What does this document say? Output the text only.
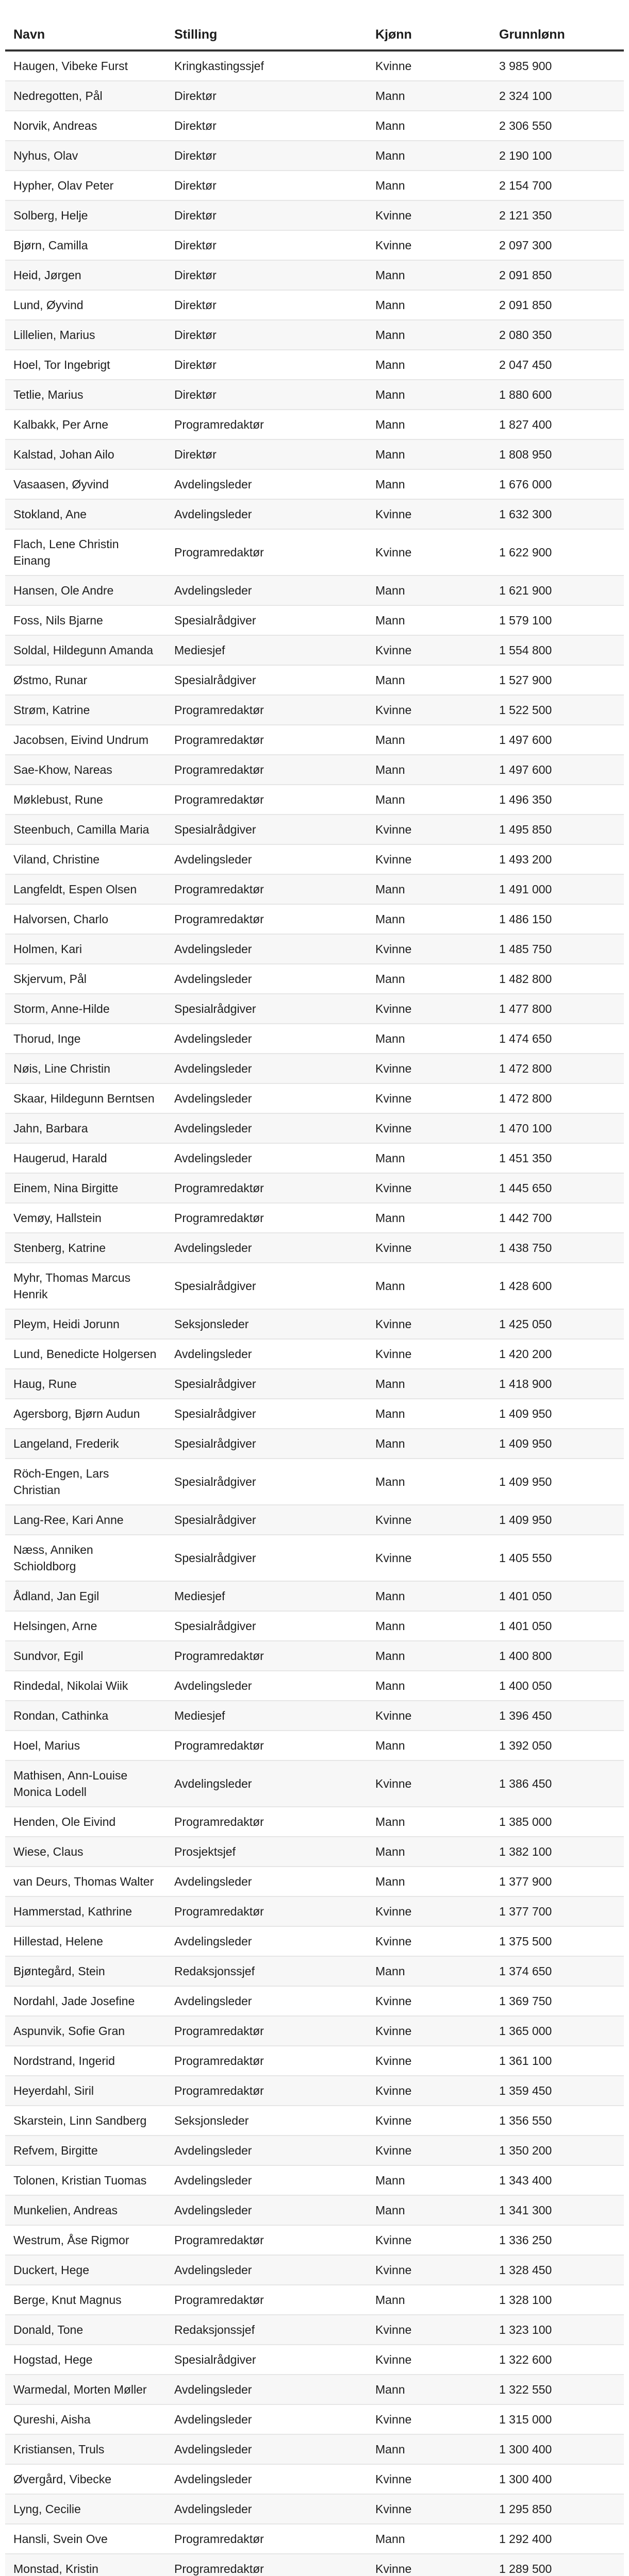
Navn	Stilling	Kjønn	Grunnlønn
Haugen, Vibeke Furst	Kringkastingssjef	Kvinne	3 985 900
Nedregotten, Pål	Direktør	Mann	2 324 100
Norvik, Andreas	Direktør	Mann	2 306 550
Nyhus, Olav	Direktør	Mann	2 190 100
Hypher, Olav Peter	Direktør	Mann	2 154 700
Solberg, Helje	Direktør	Kvinne	2 121 350
Bjørn, Camilla	Direktør	Kvinne	2 097 300
Heid, Jørgen	Direktør	Mann	2 091 850
Lund, Øyvind	Direktør	Mann	2 091 850
Lillelien, Marius	Direktør	Mann	2 080 350
Hoel, Tor Ingebrigt	Direktør	Mann	2 047 450
Tetlie, Marius	Direktør	Mann	1 880 600
Kalbakk, Per Arne	Programredaktør	Mann	1 827 400
Kalstad, Johan Ailo	Direktør	Mann	1 808 950
Vasaasen, Øyvind	Avdelingsleder	Mann	1 676 000
Stokland, Ane	Avdelingsleder	Kvinne	1 632 300
Flach, Lene Christin Einang	Programredaktør	Kvinne	1 622 900
Hansen, Ole Andre	Avdelingsleder	Mann	1 621 900
Foss, Nils Bjarne	Spesialrådgiver	Mann	1 579 100
Soldal, Hildegunn Amanda	Mediesjef	Kvinne	1 554 800
Østmo, Runar	Spesialrådgiver	Mann	1 527 900
Strøm, Katrine	Programredaktør	Kvinne	1 522 500
Jacobsen, Eivind Undrum	Programredaktør	Mann	1 497 600
Sae-Khow, Nareas	Programredaktør	Mann	1 497 600
Møklebust, Rune	Programredaktør	Mann	1 496 350
Steenbuch, Camilla Maria	Spesialrådgiver	Kvinne	1 495 850
Viland, Christine	Avdelingsleder	Kvinne	1 493 200
Langfeldt, Espen Olsen	Programredaktør	Mann	1 491 000
Halvorsen, Charlo	Programredaktør	Mann	1 486 150
Holmen, Kari	Avdelingsleder	Kvinne	1 485 750
Skjervum, Pål	Avdelingsleder	Mann	1 482 800
Storm, Anne-Hilde	Spesialrådgiver	Kvinne	1 477 800
Thorud, Inge	Avdelingsleder	Mann	1 474 650
Nøis, Line Christin	Avdelingsleder	Kvinne	1 472 800
Skaar, Hildegunn Berntsen	Avdelingsleder	Kvinne	1 472 800
Jahn, Barbara	Avdelingsleder	Kvinne	1 470 100
Haugerud, Harald	Avdelingsleder	Mann	1 451 350
Einem, Nina Birgitte	Programredaktør	Kvinne	1 445 650
Vemøy, Hallstein	Programredaktør	Mann	1 442 700
Stenberg, Katrine	Avdelingsleder	Kvinne	1 438 750
Myhr, Thomas Marcus Henrik	Spesialrådgiver	Mann	1 428 600
Pleym, Heidi Jorunn	Seksjonsleder	Kvinne	1 425 050
Lund, Benedicte Holgersen	Avdelingsleder	Kvinne	1 420 200
Haug, Rune	Spesialrådgiver	Mann	1 418 900
Agersborg, Bjørn Audun	Spesialrådgiver	Mann	1 409 950
Langeland, Frederik	Spesialrådgiver	Mann	1 409 950
Röch-Engen, Lars Christian	Spesialrådgiver	Mann	1 409 950
Lang-Ree, Kari Anne	Spesialrådgiver	Kvinne	1 409 950
Næss, Anniken Schioldborg	Spesialrådgiver	Kvinne	1 405 550
Ådland, Jan Egil	Mediesjef	Mann	1 401 050
Helsingen, Arne	Spesialrådgiver	Mann	1 401 050
Sundvor, Egil	Programredaktør	Mann	1 400 800
Rindedal, Nikolai Wiik	Avdelingsleder	Mann	1 400 050
Rondan, Cathinka	Mediesjef	Kvinne	1 396 450
Hoel, Marius	Programredaktør	Mann	1 392 050
Mathisen, Ann-Louise Monica Lodell	Avdelingsleder	Kvinne	1 386 450
Henden, Ole Eivind	Programredaktør	Mann	1 385 000
Wiese, Claus	Prosjektsjef	Mann	1 382 100
van Deurs, Thomas Walter	Avdelingsleder	Mann	1 377 900
Hammerstad, Kathrine	Programredaktør	Kvinne	1 377 700
Hillestad, Helene	Avdelingsleder	Kvinne	1 375 500
Bjøntegård, Stein	Redaksjonssjef	Mann	1 374 650
Nordahl, Jade Josefine	Avdelingsleder	Kvinne	1 369 750
Aspunvik, Sofie Gran	Programredaktør	Kvinne	1 365 000
Nordstrand, Ingerid	Programredaktør	Kvinne	1 361 100
Heyerdahl, Siril	Programredaktør	Kvinne	1 359 450
Skarstein, Linn Sandberg	Seksjonsleder	Kvinne	1 356 550
Refvem, Birgitte	Avdelingsleder	Kvinne	1 350 200
Tolonen, Kristian Tuomas	Avdelingsleder	Mann	1 343 400
Munkelien, Andreas	Avdelingsleder	Mann	1 341 300
Westrum, Åse Rigmor	Programredaktør	Kvinne	1 336 250
Duckert, Hege	Avdelingsleder	Kvinne	1 328 450
Berge, Knut Magnus	Programredaktør	Mann	1 328 100
Donald, Tone	Redaksjonssjef	Kvinne	1 323 100
Hogstad, Hege	Spesialrådgiver	Kvinne	1 322 600
Warmedal, Morten Møller	Avdelingsleder	Mann	1 322 550
Qureshi, Aisha	Avdelingsleder	Kvinne	1 315 000
Kristiansen, Truls	Avdelingsleder	Mann	1 300 400
Øvergård, Vibecke	Avdelingsleder	Kvinne	1 300 400
Lyng, Cecilie	Avdelingsleder	Kvinne	1 295 850
Hansli, Svein Ove	Programredaktør	Mann	1 292 400
Monstad, Kristin	Programredaktør	Kvinne	1 289 500
